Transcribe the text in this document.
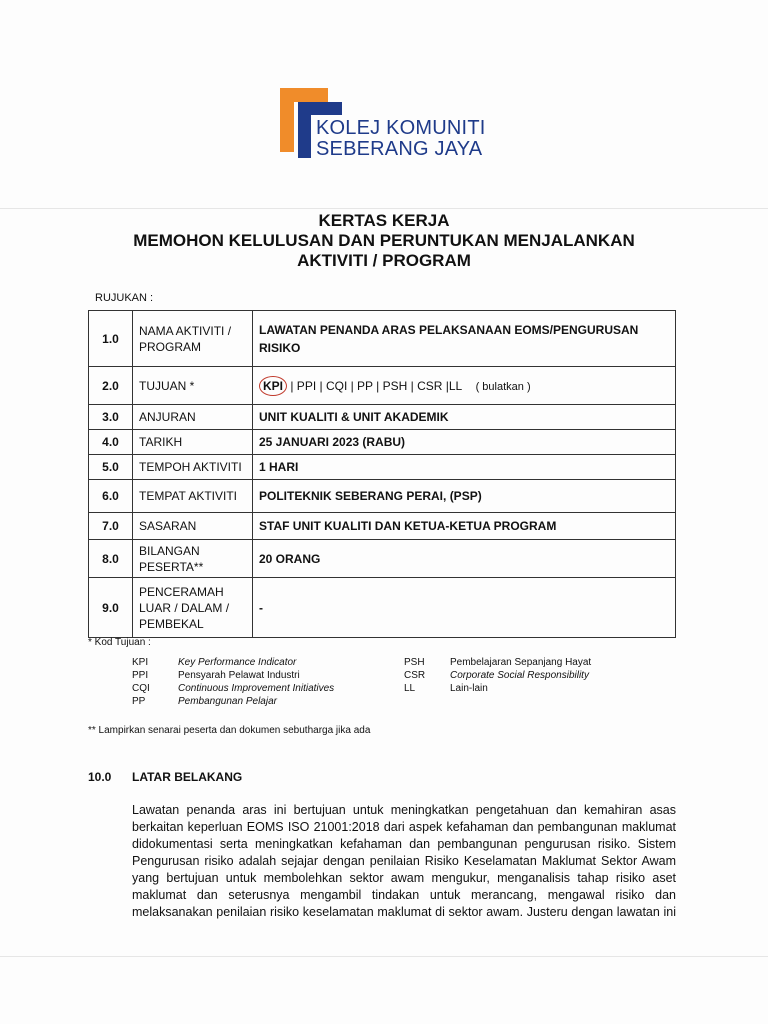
KOLEJ KOMUNITI
SEBERANG JAYA
KERTAS KERJA
MEMOHON KELULUSAN DAN PERUNTUKAN MENJALANKAN
AKTIVITI / PROGRAM
RUJUKAN :
1.0	NAMA AKTIVITI / PROGRAM	LAWATAN PENANDA ARAS PELAKSANAAN EOMS/PENGURUSAN RISIKO
2.0	TUJUAN *	KPI | PPI | CQI | PP | PSH | CSR |LL ( bulatkan )
3.0	ANJURAN	UNIT KUALITI & UNIT AKADEMIK
4.0	TARIKH	25 JANUARI 2023 (RABU)
5.0	TEMPOH AKTIVITI	1 HARI
6.0	TEMPAT AKTIVITI	POLITEKNIK SEBERANG PERAI, (PSP)
7.0	SASARAN	STAF UNIT KUALITI DAN KETUA-KETUA PROGRAM
8.0	BILANGAN PESERTA**	20 ORANG
9.0	PENCERAMAH LUAR / DALAM / PEMBEKAL	-
* Kod Tujuan :
KPI	Key Performance Indicator
PPI	Pensyarah Pelawat Industri
CQI	Continuous Improvement Initiatives
PP	Pembangunan Pelajar
PSH	Pembelajaran Sepanjang Hayat
CSR	Corporate Social Responsibility
LL	Lain-lain
** Lampirkan senarai peserta dan dokumen sebutharga jika ada
10.0 LATAR BELAKANG
Lawatan penanda aras ini bertujuan untuk meningkatkan pengetahuan dan kemahiran asas
berkaitan keperluan EOMS ISO 21001:2018 dari aspek kefahaman dan pembangunan maklumat
didokumentasi serta meningkatkan kefahaman dan pembangunan pengurusan risiko. Sistem
Pengurusan risiko adalah sejajar dengan penilaian Risiko Keselamatan Maklumat Sektor Awam
yang bertujuan untuk membolehkan sektor awam mengukur, menganalisis tahap risiko aset
maklumat dan seterusnya mengambil tindakan untuk merancang, mengawal risiko dan
melaksanakan penilaian risiko keselamatan maklumat di sektor awam. Justeru dengan lawatan ini
